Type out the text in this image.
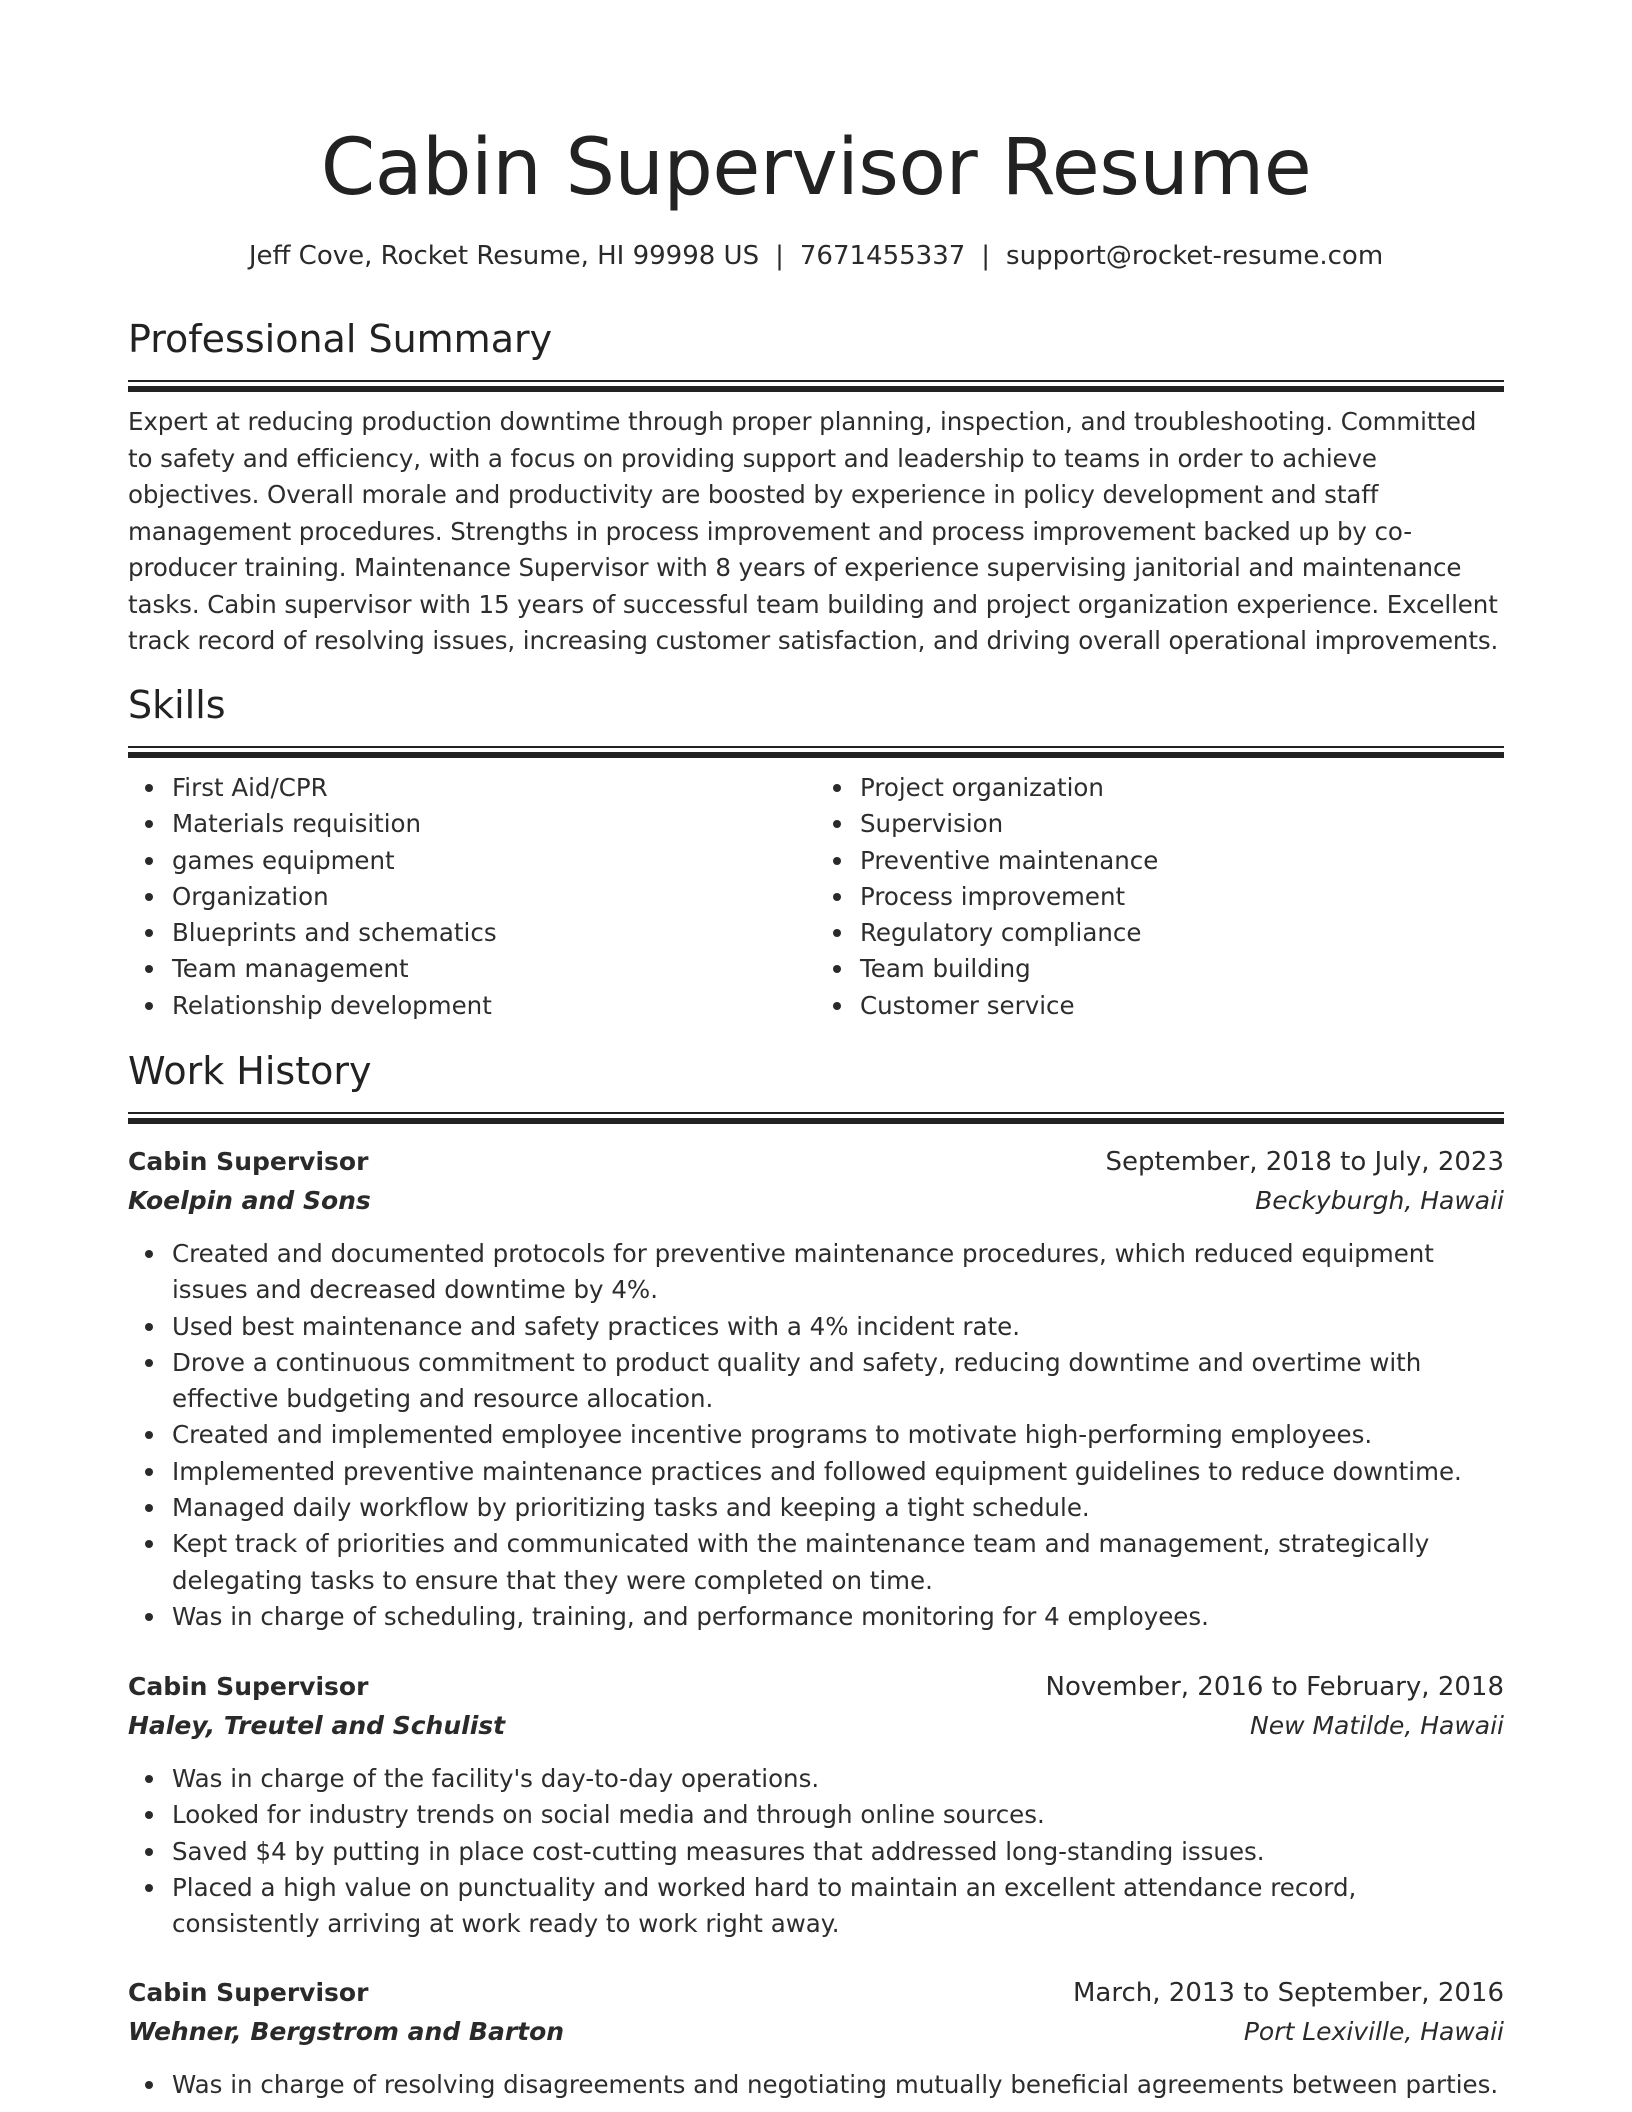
Cabin Supervisor Resume
Jeff Cove, Rocket Resume, HI 99998 US | 7671455337 | support@rocket-resume.com
Professional Summary
Expert at reducing production downtime through proper planning, inspection, and troubleshooting. Committed to safety and efficiency, with a focus on providing support and leadership to teams in order to achieve objectives. Overall morale and productivity are boosted by experience in policy development and staff management procedures. Strengths in process improvement and process improvement backed up by co-producer training. Maintenance Supervisor with 8 years of experience supervising janitorial and maintenance tasks. Cabin supervisor with 15 years of successful team building and project organization experience. Excellent track record of resolving issues, increasing customer satisfaction, and driving overall operational improvements.
Skills
First Aid/CPR
Materials requisition
games equipment
Organization
Blueprints and schematics
Team management
Relationship development
Project organization
Supervision
Preventive maintenance
Process improvement
Regulatory compliance
Team building
Customer service
Work History
Cabin Supervisor	September, 2018 to July, 2023
Koelpin and Sons	Beckyburgh, Hawaii
Created and documented protocols for preventive maintenance procedures, which reduced equipment issues and decreased downtime by 4%.
Used best maintenance and safety practices with a 4% incident rate.
Drove a continuous commitment to product quality and safety, reducing downtime and overtime with effective budgeting and resource allocation.
Created and implemented employee incentive programs to motivate high-performing employees.
Implemented preventive maintenance practices and followed equipment guidelines to reduce downtime.
Managed daily workflow by prioritizing tasks and keeping a tight schedule.
Kept track of priorities and communicated with the maintenance team and management, strategically delegating tasks to ensure that they were completed on time.
Was in charge of scheduling, training, and performance monitoring for 4 employees.
Cabin Supervisor	November, 2016 to February, 2018
Haley, Treutel and Schulist	New Matilde, Hawaii
Was in charge of the facility's day-to-day operations.
Looked for industry trends on social media and through online sources.
Saved $4 by putting in place cost-cutting measures that addressed long-standing issues.
Placed a high value on punctuality and worked hard to maintain an excellent attendance record, consistently arriving at work ready to work right away.
Cabin Supervisor	March, 2013 to September, 2016
Wehner, Bergstrom and Barton	Port Lexiville, Hawaii
Was in charge of resolving disagreements and negotiating mutually beneficial agreements between parties.
